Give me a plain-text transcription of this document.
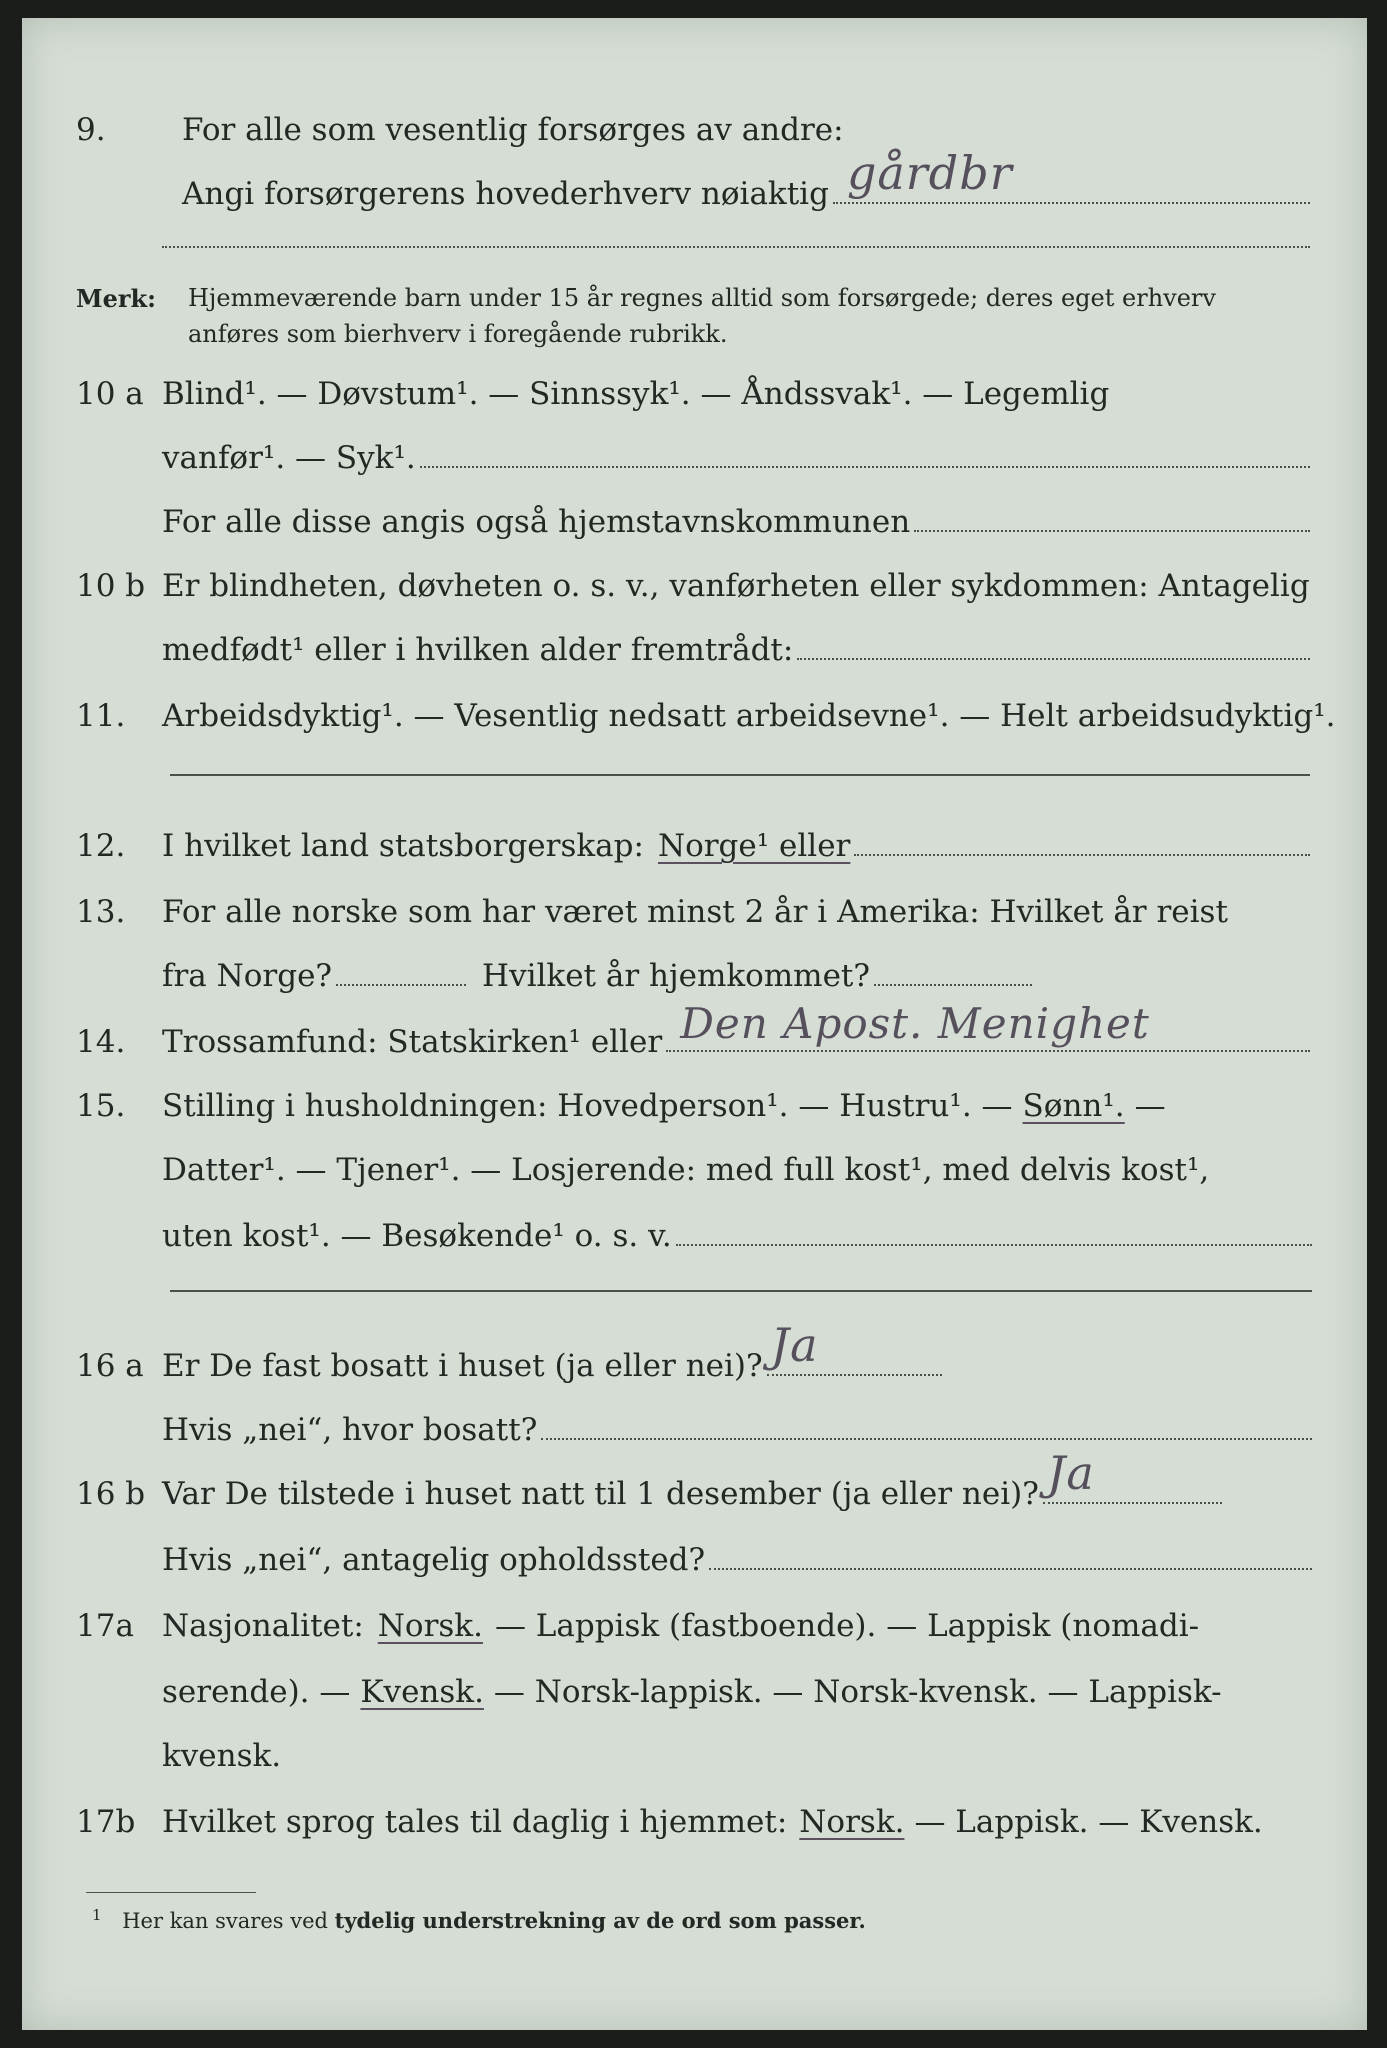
9. For alle som vesentlig forsørges av andre:
Angi forsørgerens hovederhverv nøiaktig gårdbr
Merk: Hjemmeværende barn under 15 år regnes alltid som forsørgede; deres eget erhverv
anføres som bierhverv i foregående rubrikk.
10 a Blind¹. — Døvstum¹. — Sinnssyk¹. — Åndssvak¹. — Legemlig
vanfør¹. — Syk¹.
For alle disse angis også hjemstavnskommunen
10 b Er blindheten, døvheten o. s. v., vanførheten eller sykdommen: Antagelig
medfødt¹ eller i hvilken alder fremtrådt:
11. Arbeidsdyktig¹. — Vesentlig nedsatt arbeidsevne¹. — Helt arbeidsudyktig¹.
12. I hvilket land statsborgerskap: Norge¹ eller
13. For alle norske som har været minst 2 år i Amerika: Hvilket år reist
fra Norge?	Hvilket år hjemkommet?
14. Trossamfund: Statskirken¹ eller Den Apost. Menighet
15. Stilling i husholdningen: Hovedperson¹. — Hustru¹. — Sønn¹. —
Datter¹. — Tjener¹. — Losjerende: med full kost¹, med delvis kost¹,
uten kost¹. — Besøkende¹ o. s. v.
16 a Er De fast bosatt i huset (ja eller nei)? Ja
Hvis „nei“, hvor bosatt?
16 b Var De tilstede i huset natt til 1 desember (ja eller nei)? Ja
Hvis „nei“, antagelig opholdssted?
17a Nasjonalitet: Norsk. — Lappisk (fastboende). — Lappisk (nomadi-
serende). — Kvensk. — Norsk-lappisk. — Norsk-kvensk. — Lappisk-
kvensk.
17b Hvilket sprog tales til daglig i hjemmet: Norsk. — Lappisk. — Kvensk.
$^1$ Her kan svares ved tydelig understrekning av de ord som passer.
